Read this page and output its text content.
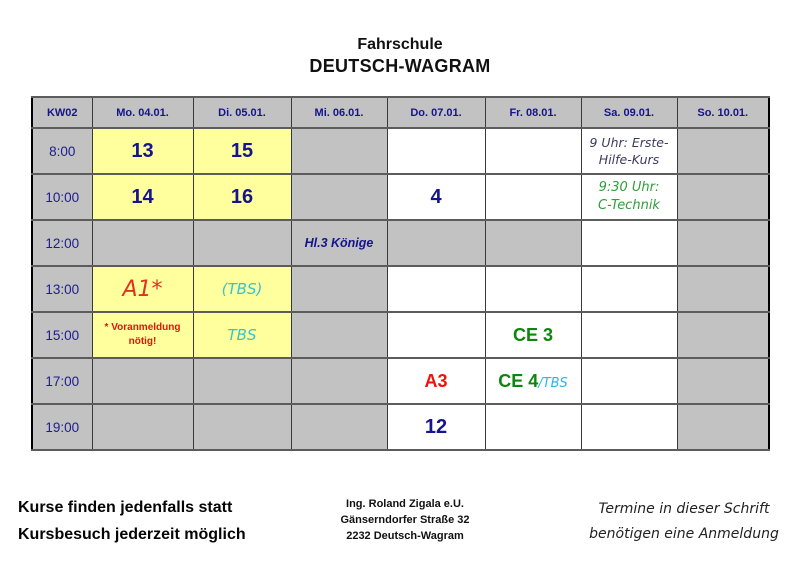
Fahrschule
DEUTSCH-WAGRAM
KW02	Mo. 04.01.	Di. 05.01.	Mi. 06.01.	Do. 07.01.	Fr. 08.01.	Sa. 09.01.	So. 10.01.
8:00	13	15				9 Uhr: Erste-
Hilfe-Kurs	

10:00	14	16		4		9:30 Uhr:
C-Technik	

12:00			Hl.3 Könige				
13:00	A1*	(TBS)					
15:00	* Voranmeldung
nötig!	TBS			CE 3		
17:00				A3	CE 4/TBS		
19:00				12			
Kurse finden jedenfalls statt
Kursbesuch jederzeit möglich
Ing. Roland Zigala e.U.
Gänserndorfer Straße 32
2232 Deutsch-Wagram
Termine in dieser Schrift
benötigen eine Anmeldung
